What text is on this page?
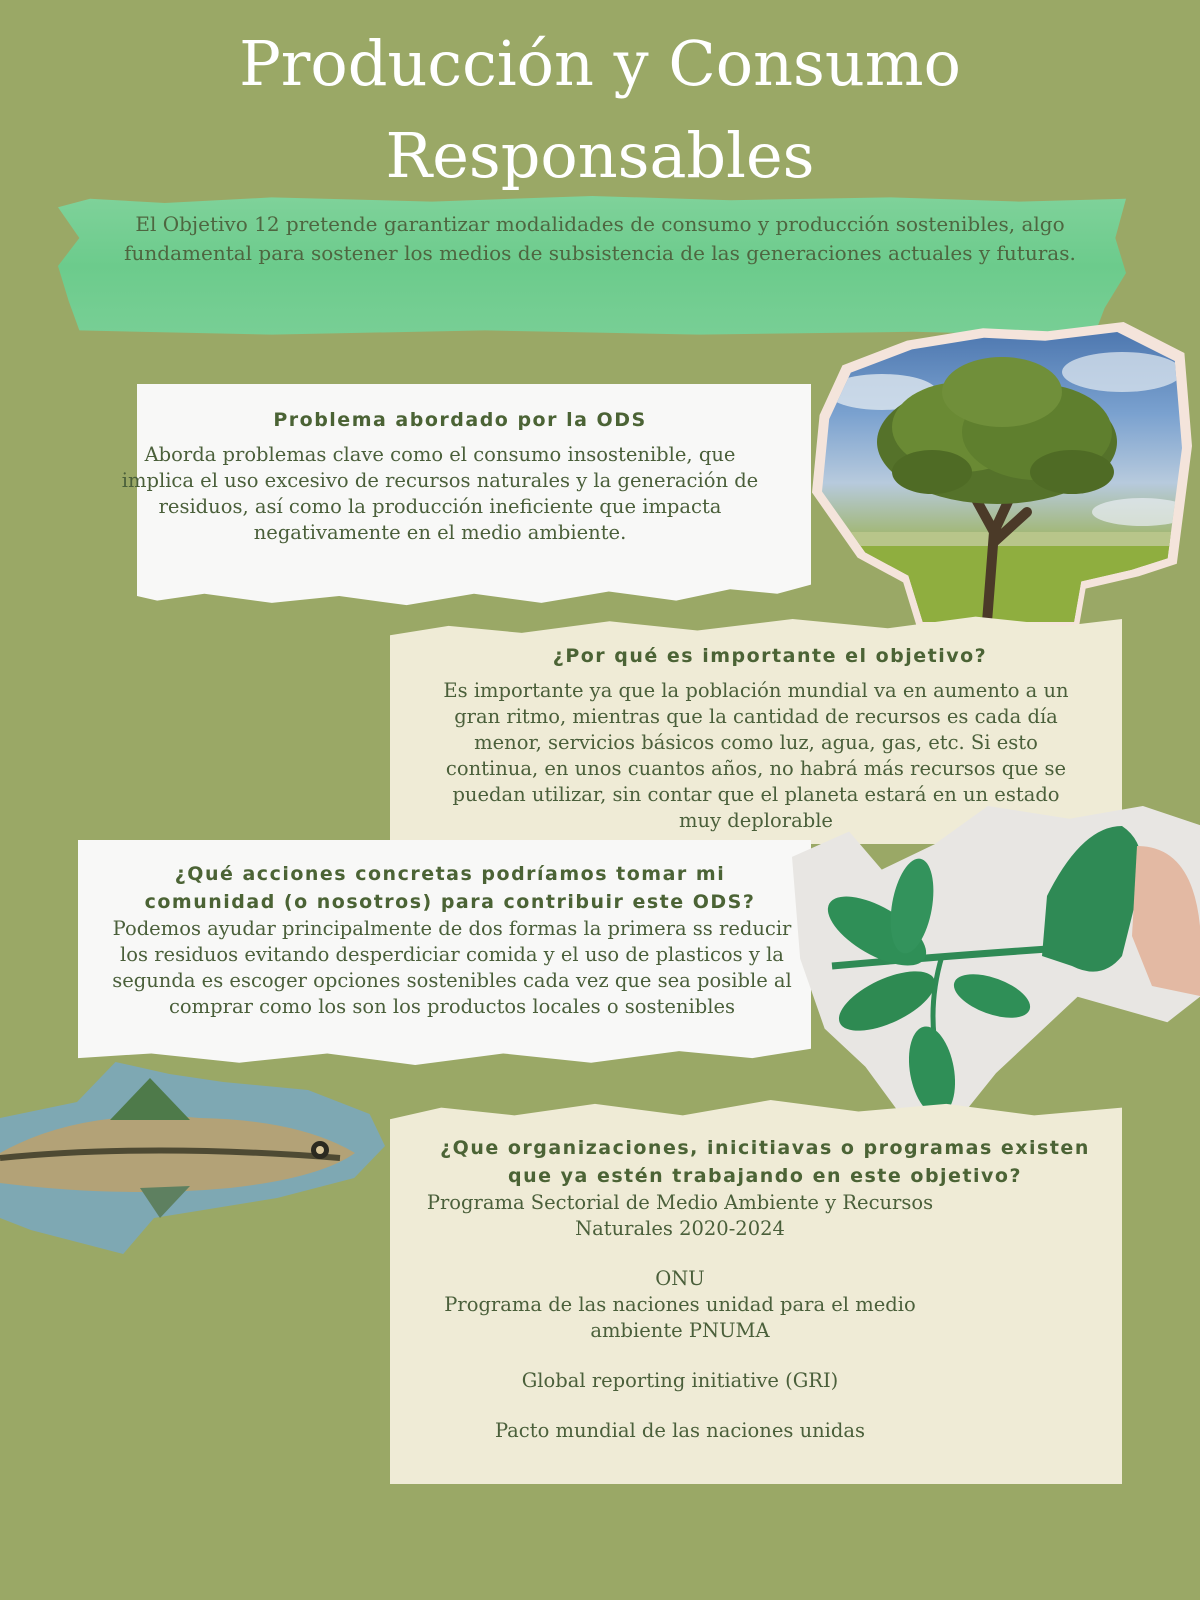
Producción y Consumo
Responsables
El Objetivo 12 pretende garantizar modalidades de consumo y producción sostenibles, algo fundamental para sostener los medios de subsistencia de las generaciones actuales y futuras.
Problema abordado por la ODS
Aborda problemas clave como el consumo insostenible, que implica el uso excesivo de recursos naturales y la generación de residuos, así como la producción ineficiente que impacta negativamente en el medio ambiente.
¿Por qué es importante el objetivo?
Es importante ya que la población mundial va en aumento a un gran ritmo, mientras que la cantidad de recursos es cada día menor, servicios básicos como luz, agua, gas, etc. Si esto continua, en unos cuantos años, no habrá más recursos que se puedan utilizar, sin contar que el planeta estará en un estado muy deplorable
¿Qué acciones concretas podríamos tomar mi comunidad (o nosotros) para contribuir este ODS?
Podemos ayudar principalmente de dos formas la primera ss reducir los residuos evitando desperdiciar comida y el uso de plasticos y la segunda es escoger opciones sostenibles cada vez que sea posible al comprar como los son los productos locales o sostenibles
¿Que organizaciones, inicitiavas o programas existen que ya estén trabajando en este objetivo?
Programa Sectorial de Medio Ambiente y Recursos Naturales 2020-2024
ONU
Programa de las naciones unidad para el medio ambiente PNUMA
Global reporting initiative (GRI)
Pacto mundial de las naciones unidas
